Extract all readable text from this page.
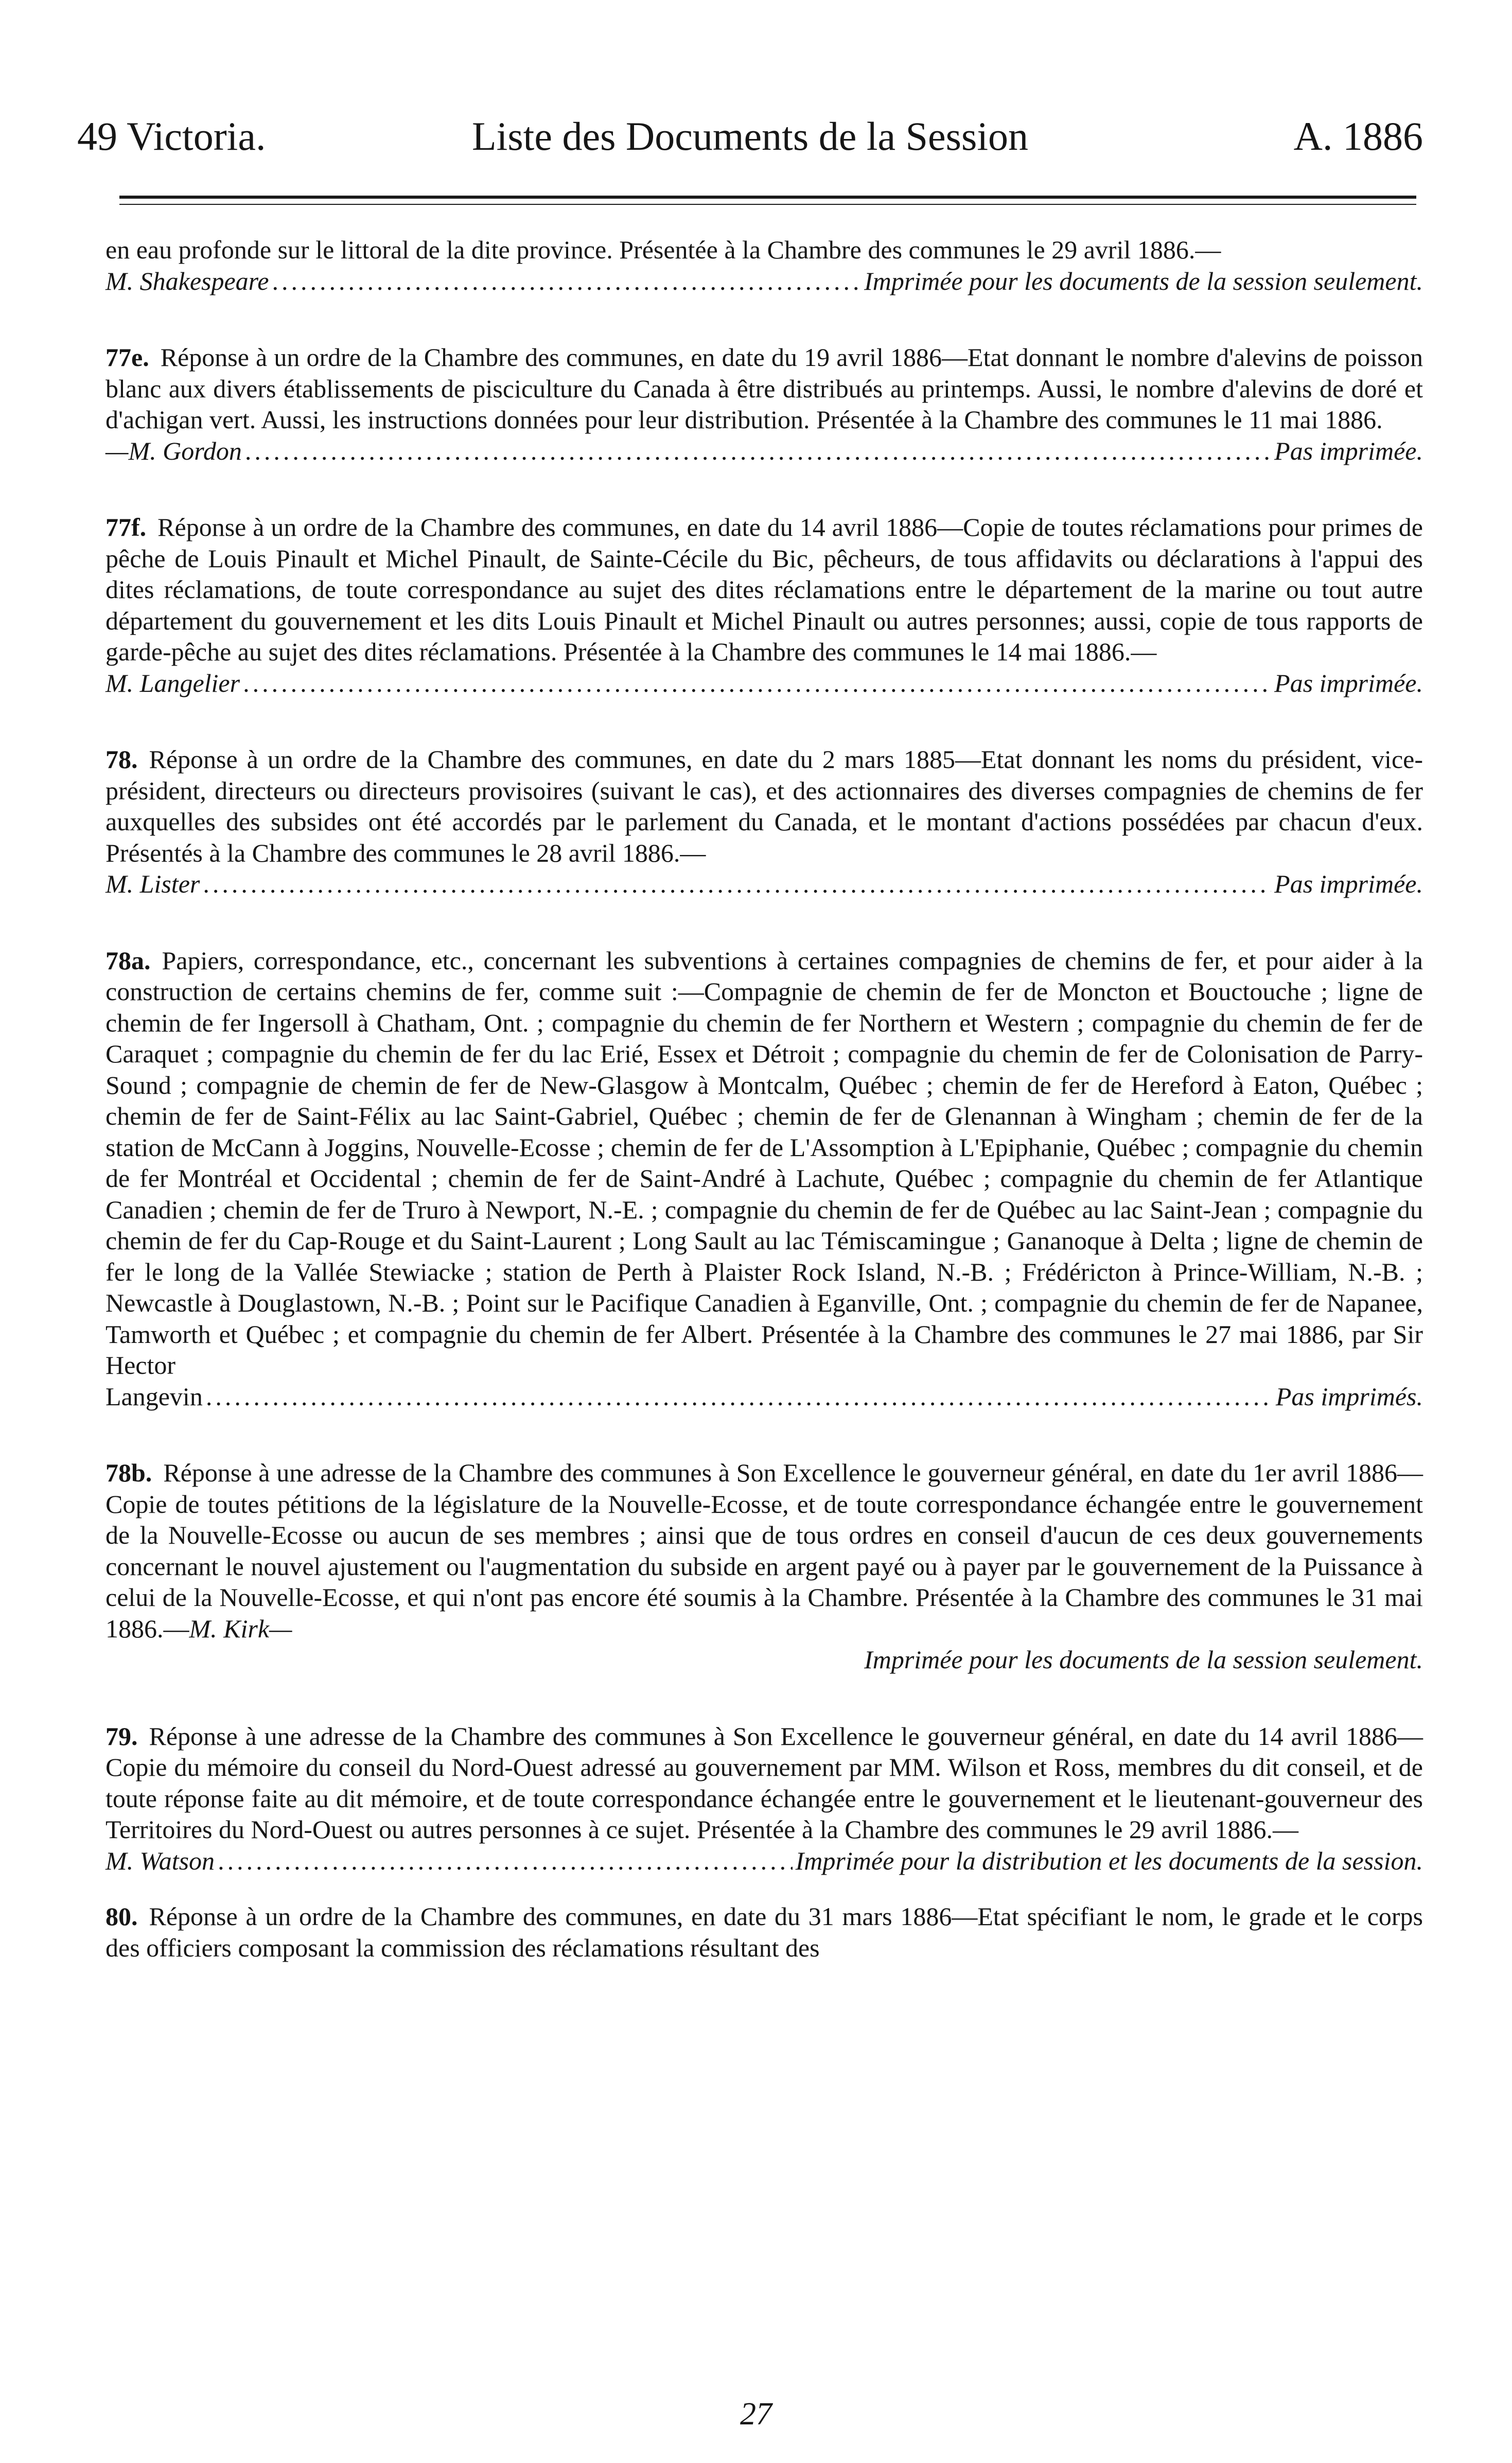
49 Victoria.	Liste des Documents de la Session	A. 1886
en eau profonde sur le littoral de la dite province. Présentée à la Chambre des communes le 29 avril 1886.—
M. Shakespeare .....	Imprimée pour les documents de la session seulement.
77e. Réponse à un ordre de la Chambre des communes, en date du 19 avril 1886—Etat donnant le nombre d'alevins de poisson blanc aux divers établissements de pisciculture du Canada à être distribués au printemps. Aussi, le nombre d'alevins de doré et d'achigan vert. Aussi, les instructions données pour leur distribution. Présentée à la Chambre des communes le 11 mai 1886.
—M. Gordon .....	Pas imprimée.
77f. Réponse à un ordre de la Chambre des communes, en date du 14 avril 1886—Copie de toutes réclamations pour primes de pêche de Louis Pinault et Michel Pinault, de Sainte-Cécile du Bic, pêcheurs, de tous affidavits ou déclarations à l'appui des dites réclamations, de toute correspondance au sujet des dites réclamations entre le département de la marine ou tout autre département du gouvernement et les dits Louis Pinault et Michel Pinault ou autres personnes; aussi, copie de tous rapports de garde-pêche au sujet des dites réclamations. Présentée à la Chambre des communes le 14 mai 1886.—
M. Langelier .....	Pas imprimée.
78. Réponse à un ordre de la Chambre des communes, en date du 2 mars 1885—Etat donnant les noms du président, vice-président, directeurs ou directeurs provisoires (suivant le cas), et des actionnaires des diverses compagnies de chemins de fer auxquelles des subsides ont été accordés par le parlement du Canada, et le montant d'actions possédées par chacun d'eux. Présentés à la Chambre des communes le 28 avril 1886.—
M. Lister .....	Pas imprimée.
78a. Papiers, correspondance, etc., concernant les subventions à certaines compagnies de chemins de fer, et pour aider à la construction de certains chemins de fer, comme suit :—Compagnie de chemin de fer de Moncton et Bouctouche ; ligne de chemin de fer Ingersoll à Chatham, Ont. ; compagnie du chemin de fer Northern et Western ; compagnie du chemin de fer de Caraquet ; compagnie du chemin de fer du lac Erié, Essex et Détroit ; compagnie du chemin de fer de Colonisation de Parry-Sound ; compagnie de chemin de fer de New-Glasgow à Montcalm, Québec ; chemin de fer de Hereford à Eaton, Québec ; chemin de fer de Saint-Félix au lac Saint-Gabriel, Québec ; chemin de fer de Glenannan à Wingham ; chemin de fer de la station de McCann à Joggins, Nouvelle-Ecosse ; chemin de fer de L'Assomption à L'Epiphanie, Québec ; compagnie du chemin de fer Montréal et Occidental ; chemin de fer de Saint-André à Lachute, Québec ; compagnie du chemin de fer Atlantique Canadien ; chemin de fer de Truro à Newport, N.-E. ; compagnie du chemin de fer de Québec au lac Saint-Jean ; compagnie du chemin de fer du Cap-Rouge et du Saint-Laurent ; Long Sault au lac Témiscamingue ; Gananoque à Delta ; ligne de chemin de fer le long de la Vallée Stewiacke ; station de Perth à Plaister Rock Island, N.-B. ; Frédéricton à Prince-William, N.-B. ; Newcastle à Douglastown, N.-B. ; Point sur le Pacifique Canadien à Eganville, Ont. ; compagnie du chemin de fer de Napanee, Tamworth et Québec ; et compagnie du chemin de fer Albert. Présentée à la Chambre des communes le 27 mai 1886, par Sir Hector
Langevin .....	Pas imprimés.
78b. Réponse à une adresse de la Chambre des communes à Son Excellence le gouverneur général, en date du 1er avril 1886—Copie de toutes pétitions de la législature de la Nouvelle-Ecosse, et de toute correspondance échangée entre le gouvernement de la Nouvelle-Ecosse ou aucun de ses membres ; ainsi que de tous ordres en conseil d'aucun de ces deux gouvernements concernant le nouvel ajustement ou l'augmentation du subside en argent payé ou à payer par le gouvernement de la Puissance à celui de la Nouvelle-Ecosse, et qui n'ont pas encore été soumis à la Chambre. Présentée à la Chambre des communes le 31 mai 1886.—M. Kirk—
Imprimée pour les documents de la session seulement.
79. Réponse à une adresse de la Chambre des communes à Son Excellence le gouverneur général, en date du 14 avril 1886—Copie du mémoire du conseil du Nord-Ouest adressé au gouvernement par MM. Wilson et Ross, membres du dit conseil, et de toute réponse faite au dit mémoire, et de toute correspondance échangée entre le gouvernement et le lieutenant-gouverneur des Territoires du Nord-Ouest ou autres personnes à ce sujet. Présentée à la Chambre des communes le 29 avril 1886.—
M. Watson .....	Imprimée pour la distribution et les documents de la session.
80. Réponse à un ordre de la Chambre des communes, en date du 31 mars 1886—Etat spécifiant le nom, le grade et le corps des officiers composant la commission des réclamations résultant des
27
